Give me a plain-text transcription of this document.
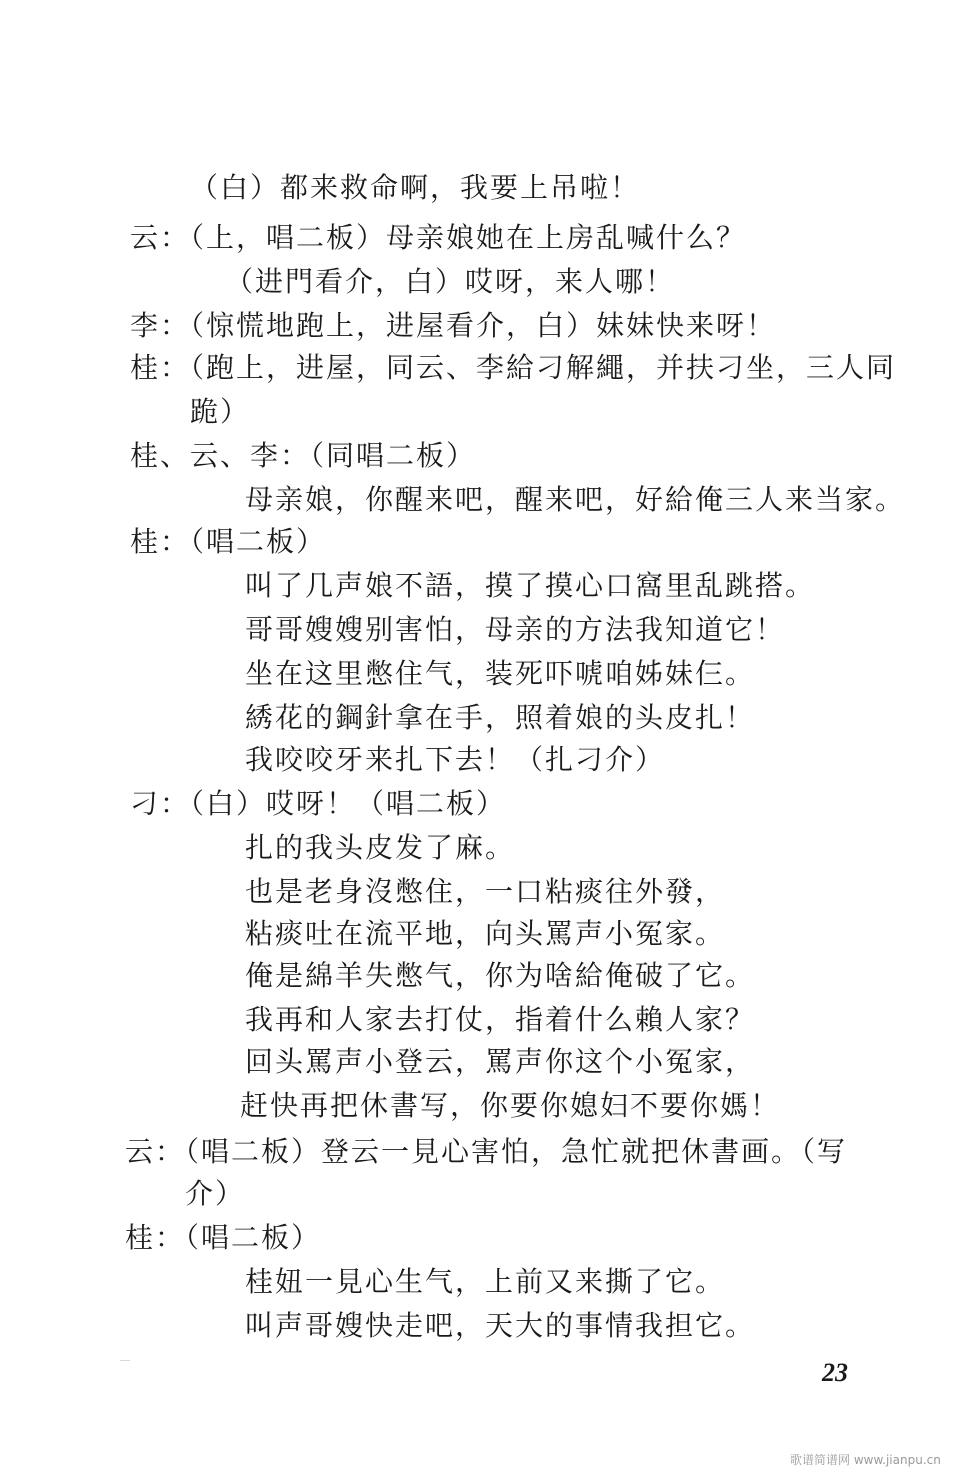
（白）都来救命啊，我要上吊啦！
云：（上，唱二板）母亲娘她在上房乱喊什么？
（进門看介，白）哎呀，来人哪！
李：（惊慌地跑上，进屋看介，白）妹妹快来呀！
桂：（跑上，进屋，同云、李給刁解繩，并扶刁坐，三人同
跪）
桂、云、李：（同唱二板）
母亲娘，你醒来吧，醒来吧，好給俺三人来当家。
桂：（唱二板）
叫了几声娘不語，摸了摸心口窩里乱跳搭。
哥哥嫂嫂别害怕，母亲的方法我知道它！
坐在这里憋住气，装死吓唬咱姊妹仨。
綉花的鋼針拿在手，照着娘的头皮扎！
我咬咬牙来扎下去！（扎刁介）
刁：（白）哎呀！（唱二板）
扎的我头皮发了麻。
也是老身沒憋住，一口粘痰往外發，
粘痰吐在流平地，向头罵声小冤家。
俺是綿羊失憋气，你为啥給俺破了它。
我再和人家去打仗，指着什么賴人家？
回头罵声小登云，罵声你这个小冤家，
赶快再把休書写，你要你媳妇不要你媽！
云：（唱二板）登云一見心害怕，急忙就把休書画。（写
介）
桂：（唱二板）
桂妞一見心生气，上前又来撕了它。
叫声哥嫂快走吧，天大的事情我担它。
23
歌谱简谱网 www.jianpu.cn
